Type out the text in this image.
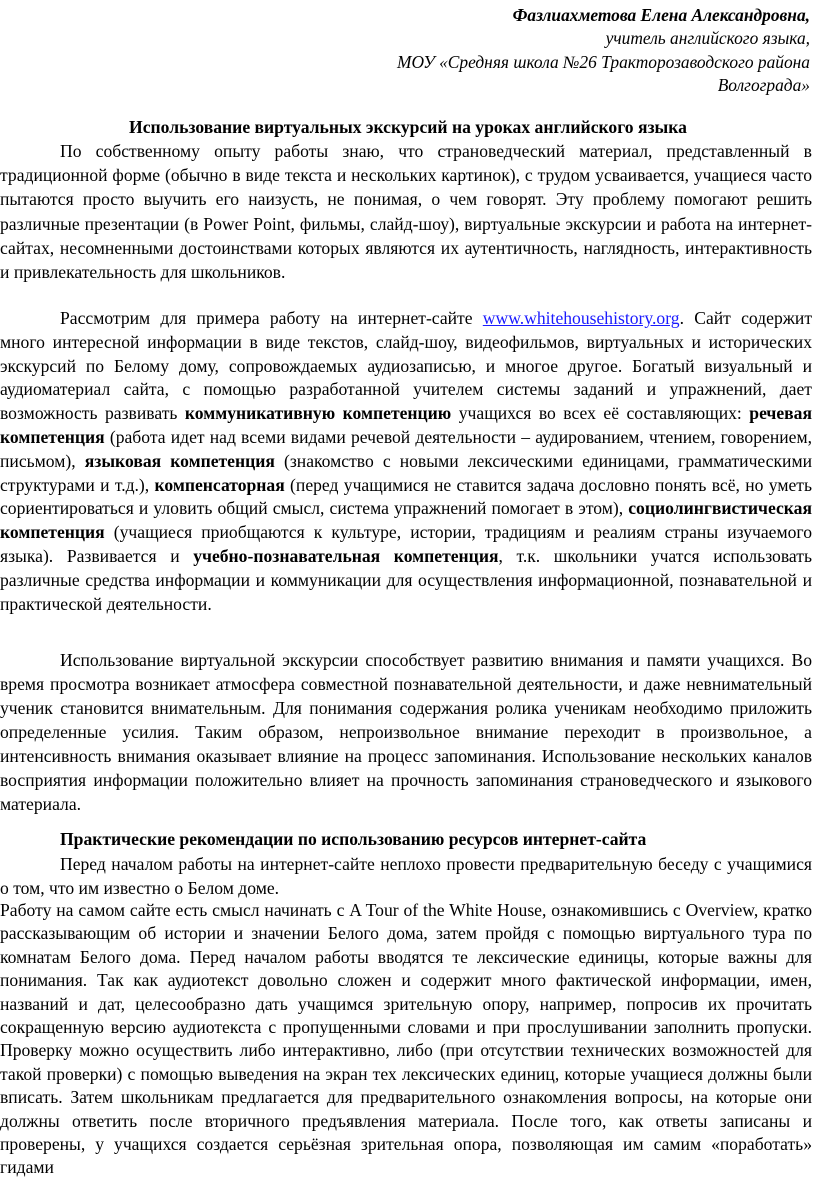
Фазлиахметова Елена Александровна,
учитель английского языка,
МОУ «Средняя школа №26 Тракторозаводского района
Волгограда»
Использование виртуальных экскурсий на уроках английского языка
По собственному опыту работы знаю, что страноведческий материал, представленный в традиционной форме (обычно в виде текста и нескольких картинок), с трудом усваивается, учащиеся часто пытаются просто выучить его наизусть, не понимая, о чем говорят. Эту проблему помогают решить различные презентации (в Power Point, фильмы, слайд-шоу), виртуальные экскурсии и работа на интернет-сайтах, несомненными достоинствами которых являются их аутентичность, наглядность, интерактивность и привлекательность для школьников.
Рассмотрим для примера работу на интернет-сайте www.whitehousehistory.org. Сайт содержит много интересной информации в виде текстов, слайд-шоу, видеофильмов, виртуальных и исторических экскурсий по Белому дому, сопровождаемых аудиозаписью, и многое другое. Богатый визуальный и аудиоматериал сайта, с помощью разработанной учителем системы заданий и упражнений, дает возможность развивать коммуникативную компетенцию учащихся во всех её составляющих: речевая компетенция (работа идет над всеми видами речевой деятельности – аудированием, чтением, говорением, письмом), языковая компетенция (знакомство с новыми лексическими единицами, грамматическими структурами и т.д.), компенсаторная (перед учащимися не ставится задача дословно понять всё, но уметь сориентироваться и уловить общий смысл, система упражнений помогает в этом), социолингвистическая компетенция (учащиеся приобщаются к культуре, истории, традициям и реалиям страны изучаемого языка). Развивается и учебно-познавательная компетенция, т.к. школьники учатся использовать различные средства информации и коммуникации для осуществления информационной, познавательной и практической деятельности.
Использование виртуальной экскурсии способствует развитию внимания и памяти учащихся. Во время просмотра возникает атмосфера совместной познавательной деятельности, и даже невнимательный ученик становится внимательным. Для понимания содержания ролика ученикам необходимо приложить определенные усилия. Таким образом, непроизвольное внимание переходит в произвольное, а интенсивность внимания оказывает влияние на процесс запоминания. Использование нескольких каналов восприятия информации положительно влияет на прочность запоминания страноведческого и языкового материала.
Практические рекомендации по использованию ресурсов интернет-сайта
Перед началом работы на интернет-сайте неплохо провести предварительную беседу с учащимися о том, что им известно о Белом доме.
Работу на самом сайте есть смысл начинать с A Tour of the White House, ознакомившись с Overview, кратко рассказывающим об истории и значении Белого дома, затем пройдя с помощью виртуального тура по комнатам Белого дома. Перед началом работы вводятся те лексические единицы, которые важны для понимания. Так как аудиотекст довольно сложен и содержит много фактической информации, имен, названий и дат, целесообразно дать учащимся зрительную опору, например, попросив их прочитать сокращенную версию аудиотекста с пропущенными словами и при прослушивании заполнить пропуски. Проверку можно осуществить либо интерактивно, либо (при отсутствии технических возможностей для такой проверки) с помощью выведения на экран тех лексических единиц, которые учащиеся должны были вписать. Затем школьникам предлагается для предварительного ознакомления вопросы, на которые они должны ответить после вторичного предъявления материала. После того, как ответы записаны и проверены, у учащихся создается серьёзная зрительная опора, позволяющая им самим «поработать» гидами
